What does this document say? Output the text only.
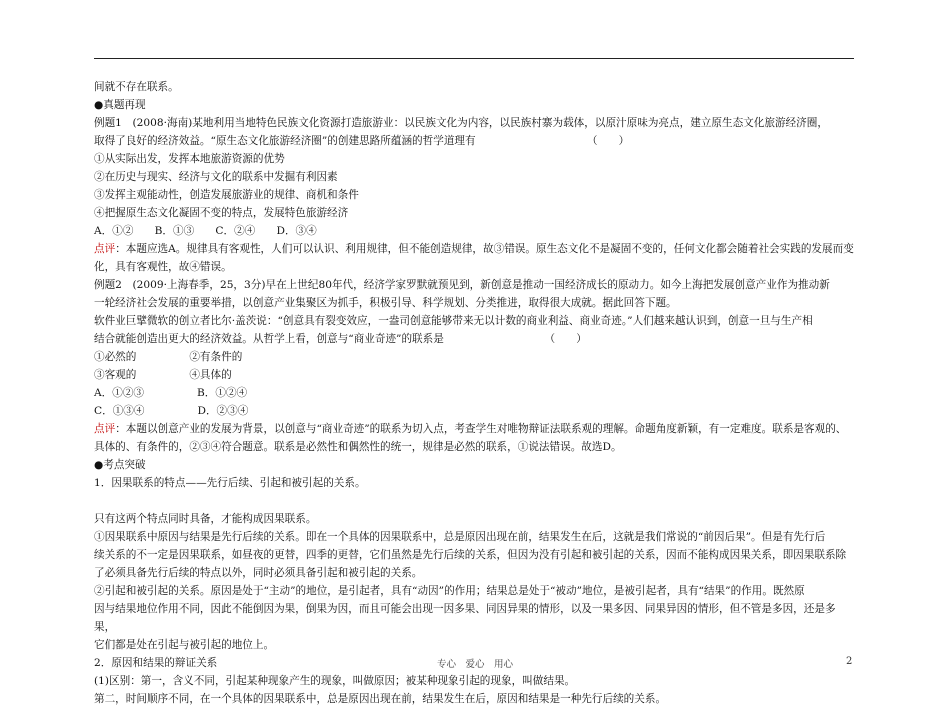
间就不存在联系。

●真题再现

例题1　(2008·海南)某地利用当地特色民族文化资源打造旅游业：以民族文化为内容，以民族村寨为载体，以原汁原味为亮点，建立原生态文化旅游经济圈，

取得了良好的经济效益。“原生态文化旅游经济圈”的创建思路所蕴涵的哲学道理有　　　　　　　　　　　（　　）

①从实际出发，发挥本地旅游资源的优势

②在历史与现实、经济与文化的联系中发掘有利因素

③发挥主观能动性，创造发展旅游业的规律、商机和条件

④把握原生态文化凝固不变的特点，发展特色旅游经济

A．①②　　B．①③　　C．②④　　D．③④

点评：本题应选A。规律具有客观性，人们可以认识、利用规律，但不能创造规律，故③错误。原生态文化不是凝固不变的，任何文化都会随着社会实践的发展而变

化，具有客观性，故④错误。

例题2　(2009·上海春季，25，3分)早在上世纪80年代，经济学家罗默就预见到，新创意是推动一国经济成长的原动力。如今上海把发展创意产业作为推动新

一轮经济社会发展的重要举措，以创意产业集聚区为抓手，积极引导、科学规划、分类推进，取得很大成就。据此回答下题。

软件业巨擘微软的创立者比尔·盖茨说：“创意具有裂变效应，一盎司创意能够带来无以计数的商业利益、商业奇迹。”人们越来越认识到，创意一旦与生产相

结合就能创造出更大的经济效益。从哲学上看，创意与“商业奇迹”的联系是　　　　　　　　　　（　　）

①必然的　　　　　②有条件的

③客观的　　　　　④具体的

A．①②③　　　　　B．①②④

C．①③④　　　　　D．②③④

点评：本题以创意产业的发展为背景，以创意与“商业奇迹”的联系为切入点，考查学生对唯物辩证法联系观的理解。命题角度新颖，有一定难度。联系是客观的、

具体的、有条件的，②③④符合题意。联系是必然性和偶然性的统一，规律是必然的联系，①说法错误。故选D。

●考点突破

1．因果联系的特点——先行后续、引起和被引起的关系。

只有这两个特点同时具备，才能构成因果联系。

①因果联系中原因与结果是先行后续的关系。即在一个具体的因果联系中，总是原因出现在前，结果发生在后，这就是我们常说的“前因后果”。但是有先行后

续关系的不一定是因果联系，如昼夜的更替，四季的更替，它们虽然是先行后续的关系，但因为没有引起和被引起的关系，因而不能构成因果关系，即因果联系除

了必须具备先行后续的特点以外，同时必须具备引起和被引起的关系。

②引起和被引起的关系。原因是处于“主动”的地位，是引起者，具有“动因”的作用；结果总是处于“被动”地位，是被引起者，具有“结果”的作用。既然原

因与结果地位作用不同，因此不能倒因为果，倒果为因，而且可能会出现一因多果、同因异果的情形，以及一果多因、同果异因的情形，但不管是多因，还是多果，

它们都是处在引起与被引起的地位上。

2．原因和结果的辩证关系

(1)区别：第一，含义不同，引起某种现象产生的现象，叫做原因；被某种现象引起的现象，叫做结果。

第二，时间顺序不同，在一个具体的因果联系中，总是原因出现在前，结果发生在后，原因和结果是一种先行后续的关系。

专心　爱心　用心	2
